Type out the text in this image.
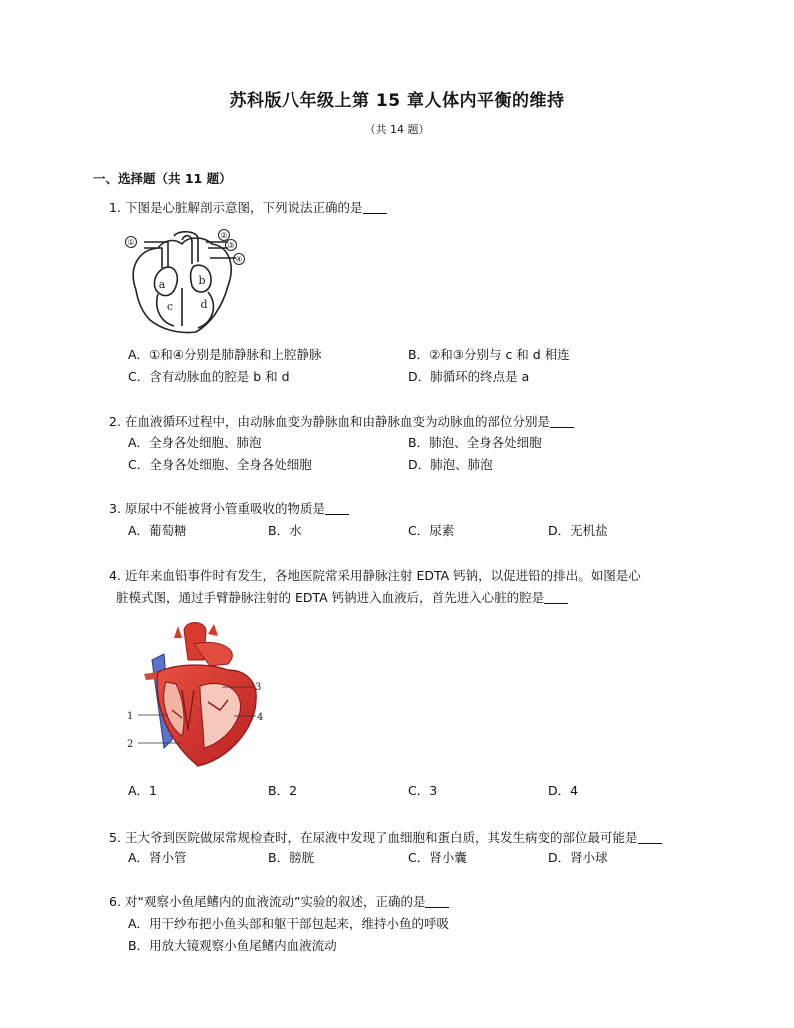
苏科版八年级上第 15 章人体内平衡的维持
（共 14 题）
一、选择题（共 11 题）
1. 下图是心脏解剖示意图，下列说法正确的是
①
②
③
④
a	b
c d
A．①和④分别是肺静脉和上腔静脉	B．②和③分别与 c 和 d 相连
C．含有动脉血的腔是 b 和 d	D．肺循环的终点是 a
2. 在血液循环过程中，由动脉血变为静脉血和由静脉血变为动脉血的部位分别是
A．全身各处细胞、肺泡	B．肺泡、全身各处细胞
C．全身各处细胞、全身各处细胞	D．肺泡、肺泡
3. 原尿中不能被肾小管重吸收的物质是
A．葡萄糖	B．水	C．尿素	D．无机盐
4. 近年来血铅事件时有发生，各地医院常采用静脉注射 EDTA 钙钠，以促进铅的排出。如图是心
脏模式图，通过手臂静脉注射的 EDTA 钙钠进入血液后，首先进入心脏的腔是
1
2
3
4
A．1	B．2	C．3	D．4
5. 王大爷到医院做尿常规检查时，在尿液中发现了血细胞和蛋白质，其发生病变的部位最可能是
A．肾小管	B．膀胱	C．肾小囊	D．肾小球
6. 对“观察小鱼尾鳍内的血液流动”实验的叙述，正确的是
A．用干纱布把小鱼头部和躯干部包起来，维持小鱼的呼吸
B．用放大镜观察小鱼尾鳍内血液流动
